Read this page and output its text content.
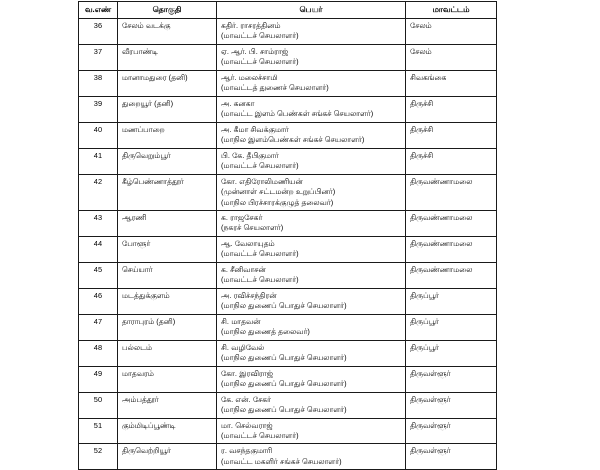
வ.எண்	தொகுதி	பெயர்	மாவட்டம்
36	சேலம் வடக்கு	கதிர். ராசரத்தினம்
(மாவட்டச் செயலாளர்)	சேலம்
37	வீரபாண்டி	ஏ. ஆர். பி. சாம்ராஜ்
(மாவட்டச் செயலாளர்)	சேலம்
38	மானாமதுரை (தனி)	ஆர். மலைச்சாமி
(மாவட்டத் துணைச் செயலாளர்)	சிவகங்கை
39	துறையூர் (தனி)	அ. கனகா
(மாவட்ட இளம் பெண்கள் சங்கச் செயலாளர்)	திருச்சி
40	மணப்பாறை	அ. கீமா சிவக்குமார்
(மாநில இளம்பெண்கள் சங்கச் செயலாளர்)	திருச்சி
41	திருவெறும்பூர்	பி. கே. தீபிகுமார்
(மாவட்டச் செயலாளர்)	திருச்சி
42	கீழ்பெண்ணாத்தூர்	கோ. எதிரோலிமணியன்
(முன்னாள் சட்டமன்ற உறுப்பினர்)
(மாநில பிரச்சாரக்குழுத் தலைவர்)	திருவண்ணாமலை
43	ஆரணி	க. ராஜசேகர்
(நகரச் செயலாளர்)	திருவண்ணாமலை
44	போளூர்	ஆ. வேலாயுதம்
(மாவட்டச் செயலாளர்)	திருவண்ணாமலை
45	செய்யார்	க. சீனிவாசன்
(மாவட்டச் செயலாளர்)	திருவண்ணாமலை
46	மடத்துக்குளம்	அ. ரவிச்சந்திரன்
(மாநில துணைப் பொதுச் செயலாளர்)	திருப்பூர்
47	தாராபுரம் (தனி)	சி. மாதவன்
(மாநில துணைத் தலைவர்)	திருப்பூர்
48	பல்லடம்	சி. வழிவேல்
(மாநில துணைப் பொதுச் செயலாளர்)	திருப்பூர்
49	மாதவரம்	கோ. இரவிராஜ்
(மாநில துணைப் பொதுச் செயலாளர்)	திருவள்ளூர்
50	அம்பத்தூர்	கே. என். சேகர்
(மாநில துணைப் பொதுச் செயலாளர்)	திருவள்ளூர்
51	கும்மிடிப்பூண்டி	மா. செல்வராஜ்
(மாவட்டச் செயலாளர்)	திருவள்ளூர்
52	திருவெற்றியூர்	ர. வசந்தகுமாரி
(மாவட்ட மகளிர் சங்கச் செயலாளர்)	திருவள்ளூர்
